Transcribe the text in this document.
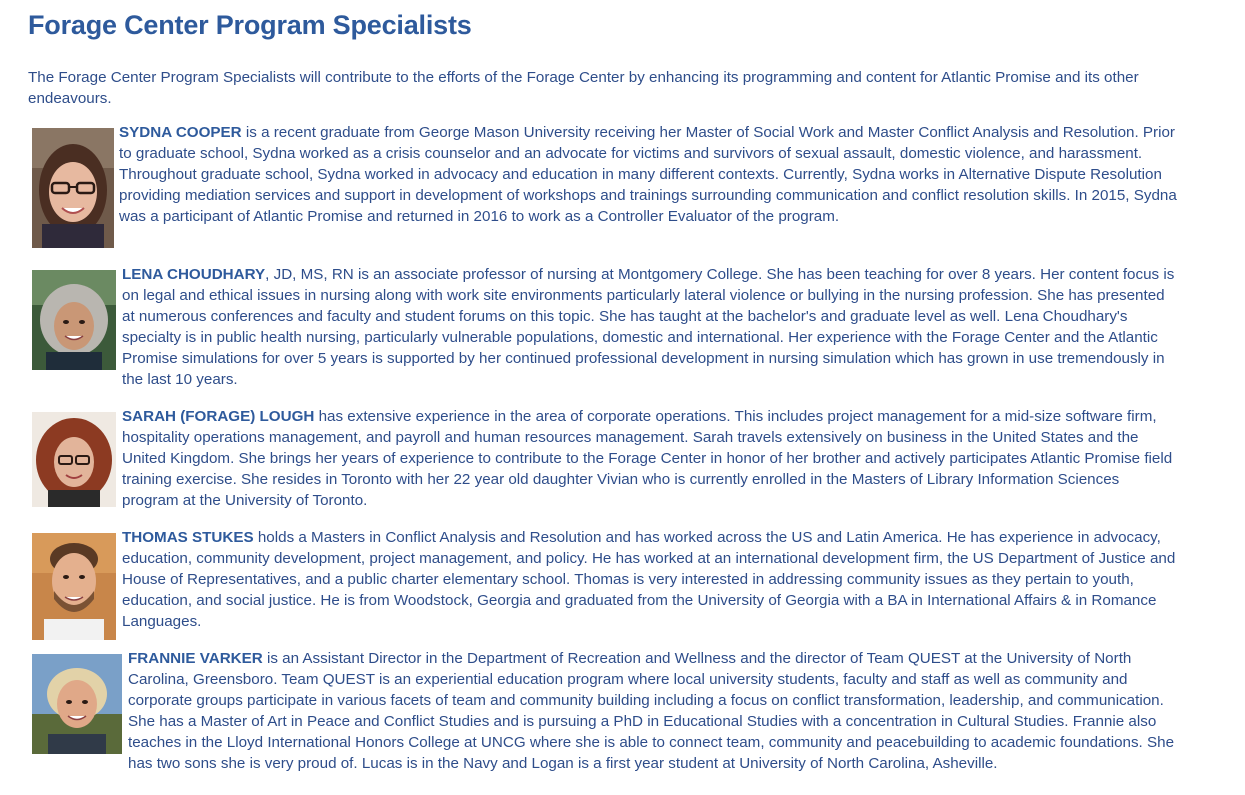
Forage Center Program Specialists

The Forage Center Program Specialists will contribute to the efforts of the Forage Center by enhancing its programming and content for Atlantic Promise and its other endeavours.

SYDNA COOPER is a recent graduate from George Mason University receiving her Master of Social Work and Master Conflict Analysis and Resolution. Prior to graduate school, Sydna worked as a crisis counselor and an advocate for victims and survivors of sexual assault, domestic violence, and harassment. Throughout graduate school, Sydna worked in advocacy and education in many different contexts. Currently, Sydna works in Alternative Dispute Resolution providing mediation services and support in development of workshops and trainings surrounding communication and conflict resolution skills. In 2015, Sydna was a participant of Atlantic Promise and returned in 2016 to work as a Controller Evaluator of the program.

LENA CHOUDHARY, JD, MS, RN is an associate professor of nursing at Montgomery College. She has been teaching for over 8 years. Her content focus is on legal and ethical issues in nursing along with work site environments particularly lateral violence or bullying in the nursing profession. She has presented at numerous conferences and faculty and student forums on this topic. She has taught at the bachelor's and graduate level as well. Lena Choudhary's specialty is in public health nursing, particularly vulnerable populations, domestic and international. Her experience with the Forage Center and the Atlantic Promise simulations for over 5 years is supported by her continued professional development in nursing simulation which has grown in use tremendously in the last 10 years.

SARAH (FORAGE) LOUGH has extensive experience in the area of corporate operations. This includes project management for a mid-size software firm, hospitality operations management, and payroll and human resources management. Sarah travels extensively on business in the United States and the United Kingdom. She brings her years of experience to contribute to the Forage Center in honor of her brother and actively participates Atlantic Promise field training exercise. She resides in Toronto with her 22 year old daughter Vivian who is currently enrolled in the Masters of Library Information Sciences program at the University of Toronto.

THOMAS STUKES holds a Masters in Conflict Analysis and Resolution and has worked across the US and Latin America. He has experience in advocacy, education, community development, project management, and policy. He has worked at an international development firm, the US Department of Justice and House of Representatives, and a public charter elementary school. Thomas is very interested in addressing community issues as they pertain to youth, education, and social justice. He is from Woodstock, Georgia and graduated from the University of Georgia with a BA in International Affairs & in Romance Languages.

FRANNIE VARKER is an Assistant Director in the Department of Recreation and Wellness and the director of Team QUEST at the University of North Carolina, Greensboro. Team QUEST is an experiential education program where local university students, faculty and staff as well as community and corporate groups participate in various facets of team and community building including a focus on conflict transformation, leadership, and communication. She has a Master of Art in Peace and Conflict Studies and is pursuing a PhD in Educational Studies with a concentration in Cultural Studies. Frannie also teaches in the Lloyd International Honors College at UNCG where she is able to connect team, community and peacebuilding to academic foundations. She has two sons she is very proud of. Lucas is in the Navy and Logan is a first year student at University of North Carolina, Asheville.
